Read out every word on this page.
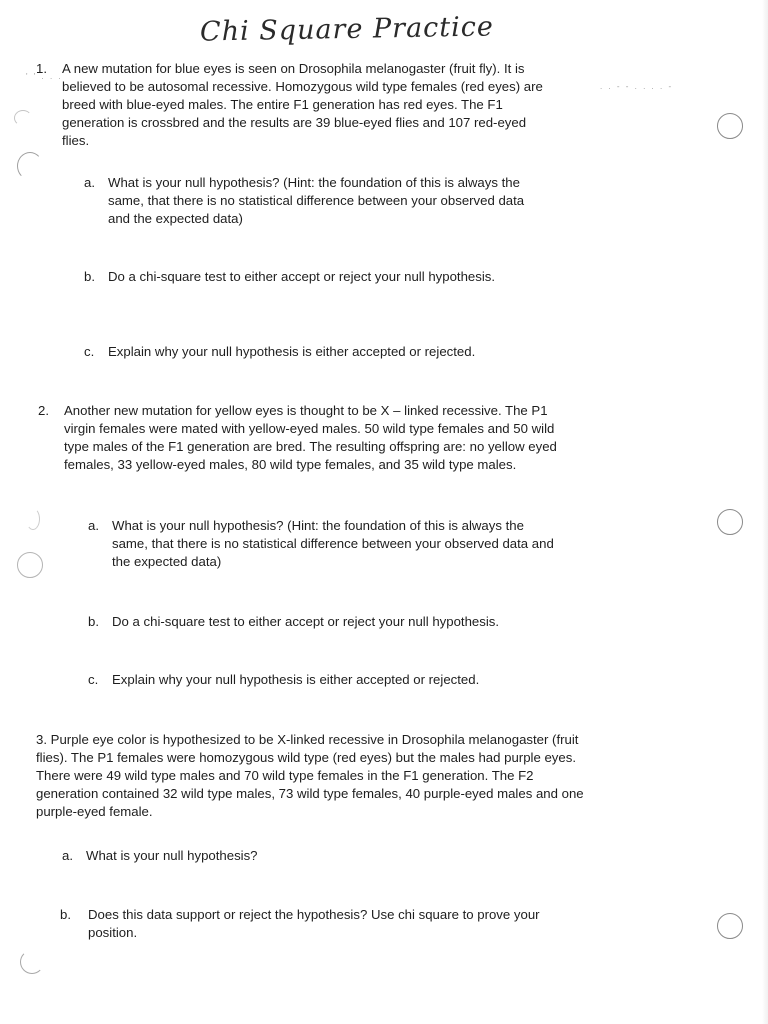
Chi Square Practice
1. A new mutation for blue eyes is seen on Drosophila melanogaster (fruit fly). It is believed to be autosomal recessive. Homozygous wild type females (red eyes) are breed with blue-eyed males. The entire F1 generation has red eyes. The F1 generation is crossbred and the results are 39 blue-eyed flies and 107 red-eyed flies.
a. What is your null hypothesis? (Hint: the foundation of this is always the same, that there is no statistical difference between your observed data and the expected data)
b. Do a chi-square test to either accept or reject your null hypothesis.
c. Explain why your null hypothesis is either accepted or rejected.
2. Another new mutation for yellow eyes is thought to be X – linked recessive. The P1 virgin females were mated with yellow-eyed males. 50 wild type females and 50 wild type males of the F1 generation are bred. The resulting offspring are: no yellow eyed females, 33 yellow-eyed males, 80 wild type females, and 35 wild type males.
a. What is your null hypothesis? (Hint: the foundation of this is always the same, that there is no statistical difference between your observed data and the expected data)
b. Do a chi-square test to either accept or reject your null hypothesis.
c. Explain why your null hypothesis is either accepted or rejected.
3. Purple eye color is hypothesized to be X-linked recessive in Drosophila melanogaster (fruit flies). The P1 females were homozygous wild type (red eyes) but the males had purple eyes. There were 49 wild type males and 70 wild type females in the F1 generation. The F2 generation contained 32 wild type males, 73 wild type females, 40 purple-eyed males and one purple-eyed female.
a. What is your null hypothesis?
b. Does this data support or reject the hypothesis? Use chi square to prove your position.
. . - - . . . . -
' ' . . .
